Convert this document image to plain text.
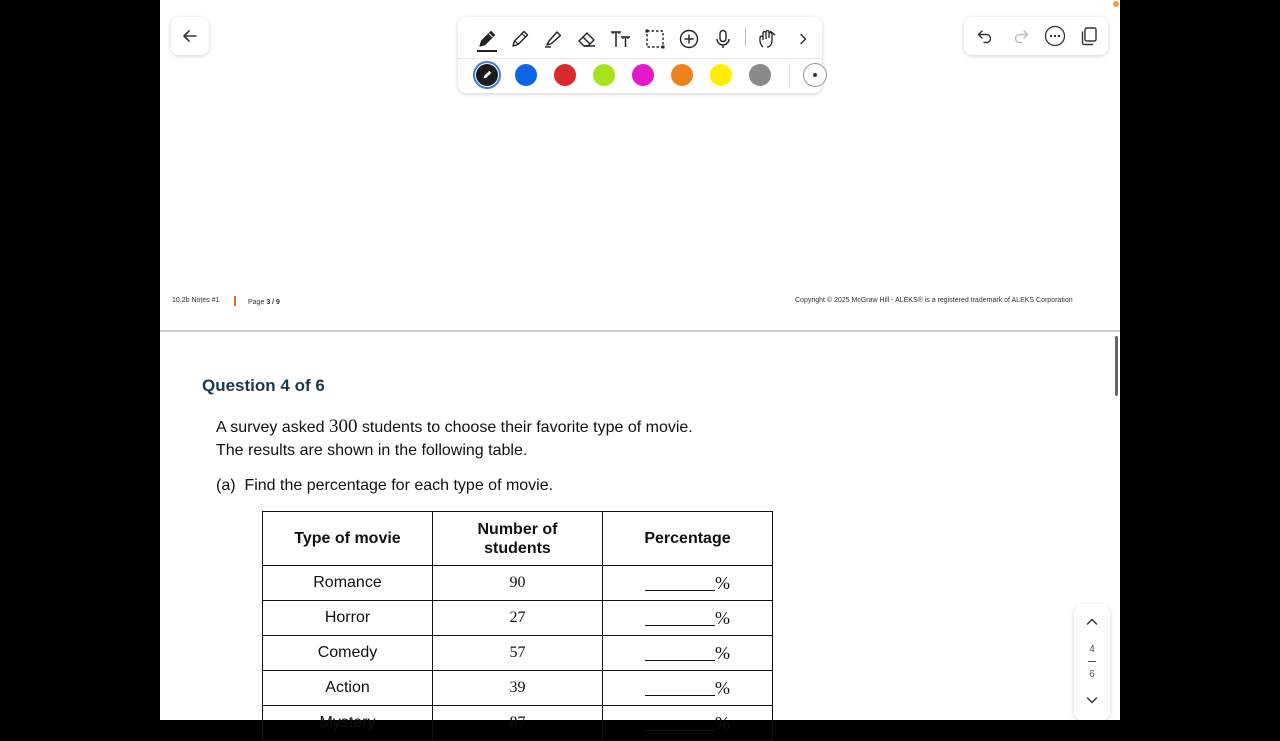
10.2b Notes #1	Page 3 / 9	Copyright © 2025 McGraw Hill - ALEKS® is a registered trademark of ALEKS Corporation
Question 4 of 6
A survey asked 300 students to choose their favorite type of movie.
The results are shown in the following table.
(a) Find the percentage for each type of movie.
Type of movie	Number of students	Percentage
Romance	90	%
Horror	27	%
Comedy	57	%
Action	39	%
Mystery	87	%
4
6
